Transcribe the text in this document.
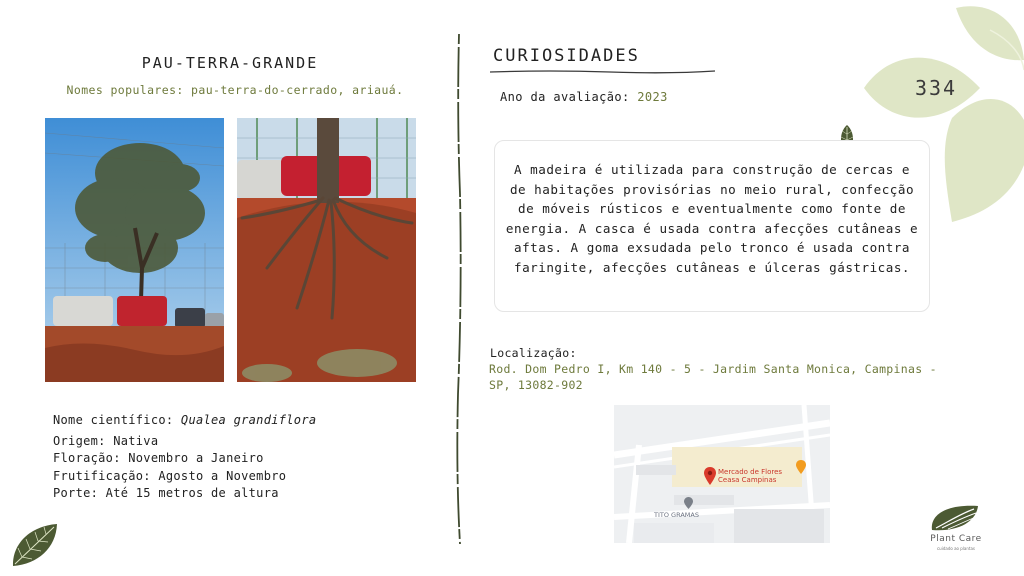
PAU-TERRA-GRANDE
Nomes populares: pau-terra-do-cerrado, ariauá.
Nome científico: Qualea grandiflora
Origem: Nativa
Floração: Novembro a Janeiro
Frutificação: Agosto a Novembro
Porte: Até 15 metros de altura
CURIOSIDADES
Ano da avaliação: 2023	334
A madeira é utilizada para construção de cercas e de habitações provisórias no meio rural, confecção de móveis rústicos e eventualmente como fonte de energia. A casca é usada contra afecções cutâneas e aftas. A goma exsudada pelo tronco é usada contra faringite, afecções cutâneas e úlceras gástricas.
Localização:
Rod. Dom Pedro I, Km 140 - 5 - Jardim Santa Monica, Campinas - SP, 13082-902
Mercado de Flores
Ceasa Campinas
TITO GRAMAS
Plant Care
cuidado ao plantas
